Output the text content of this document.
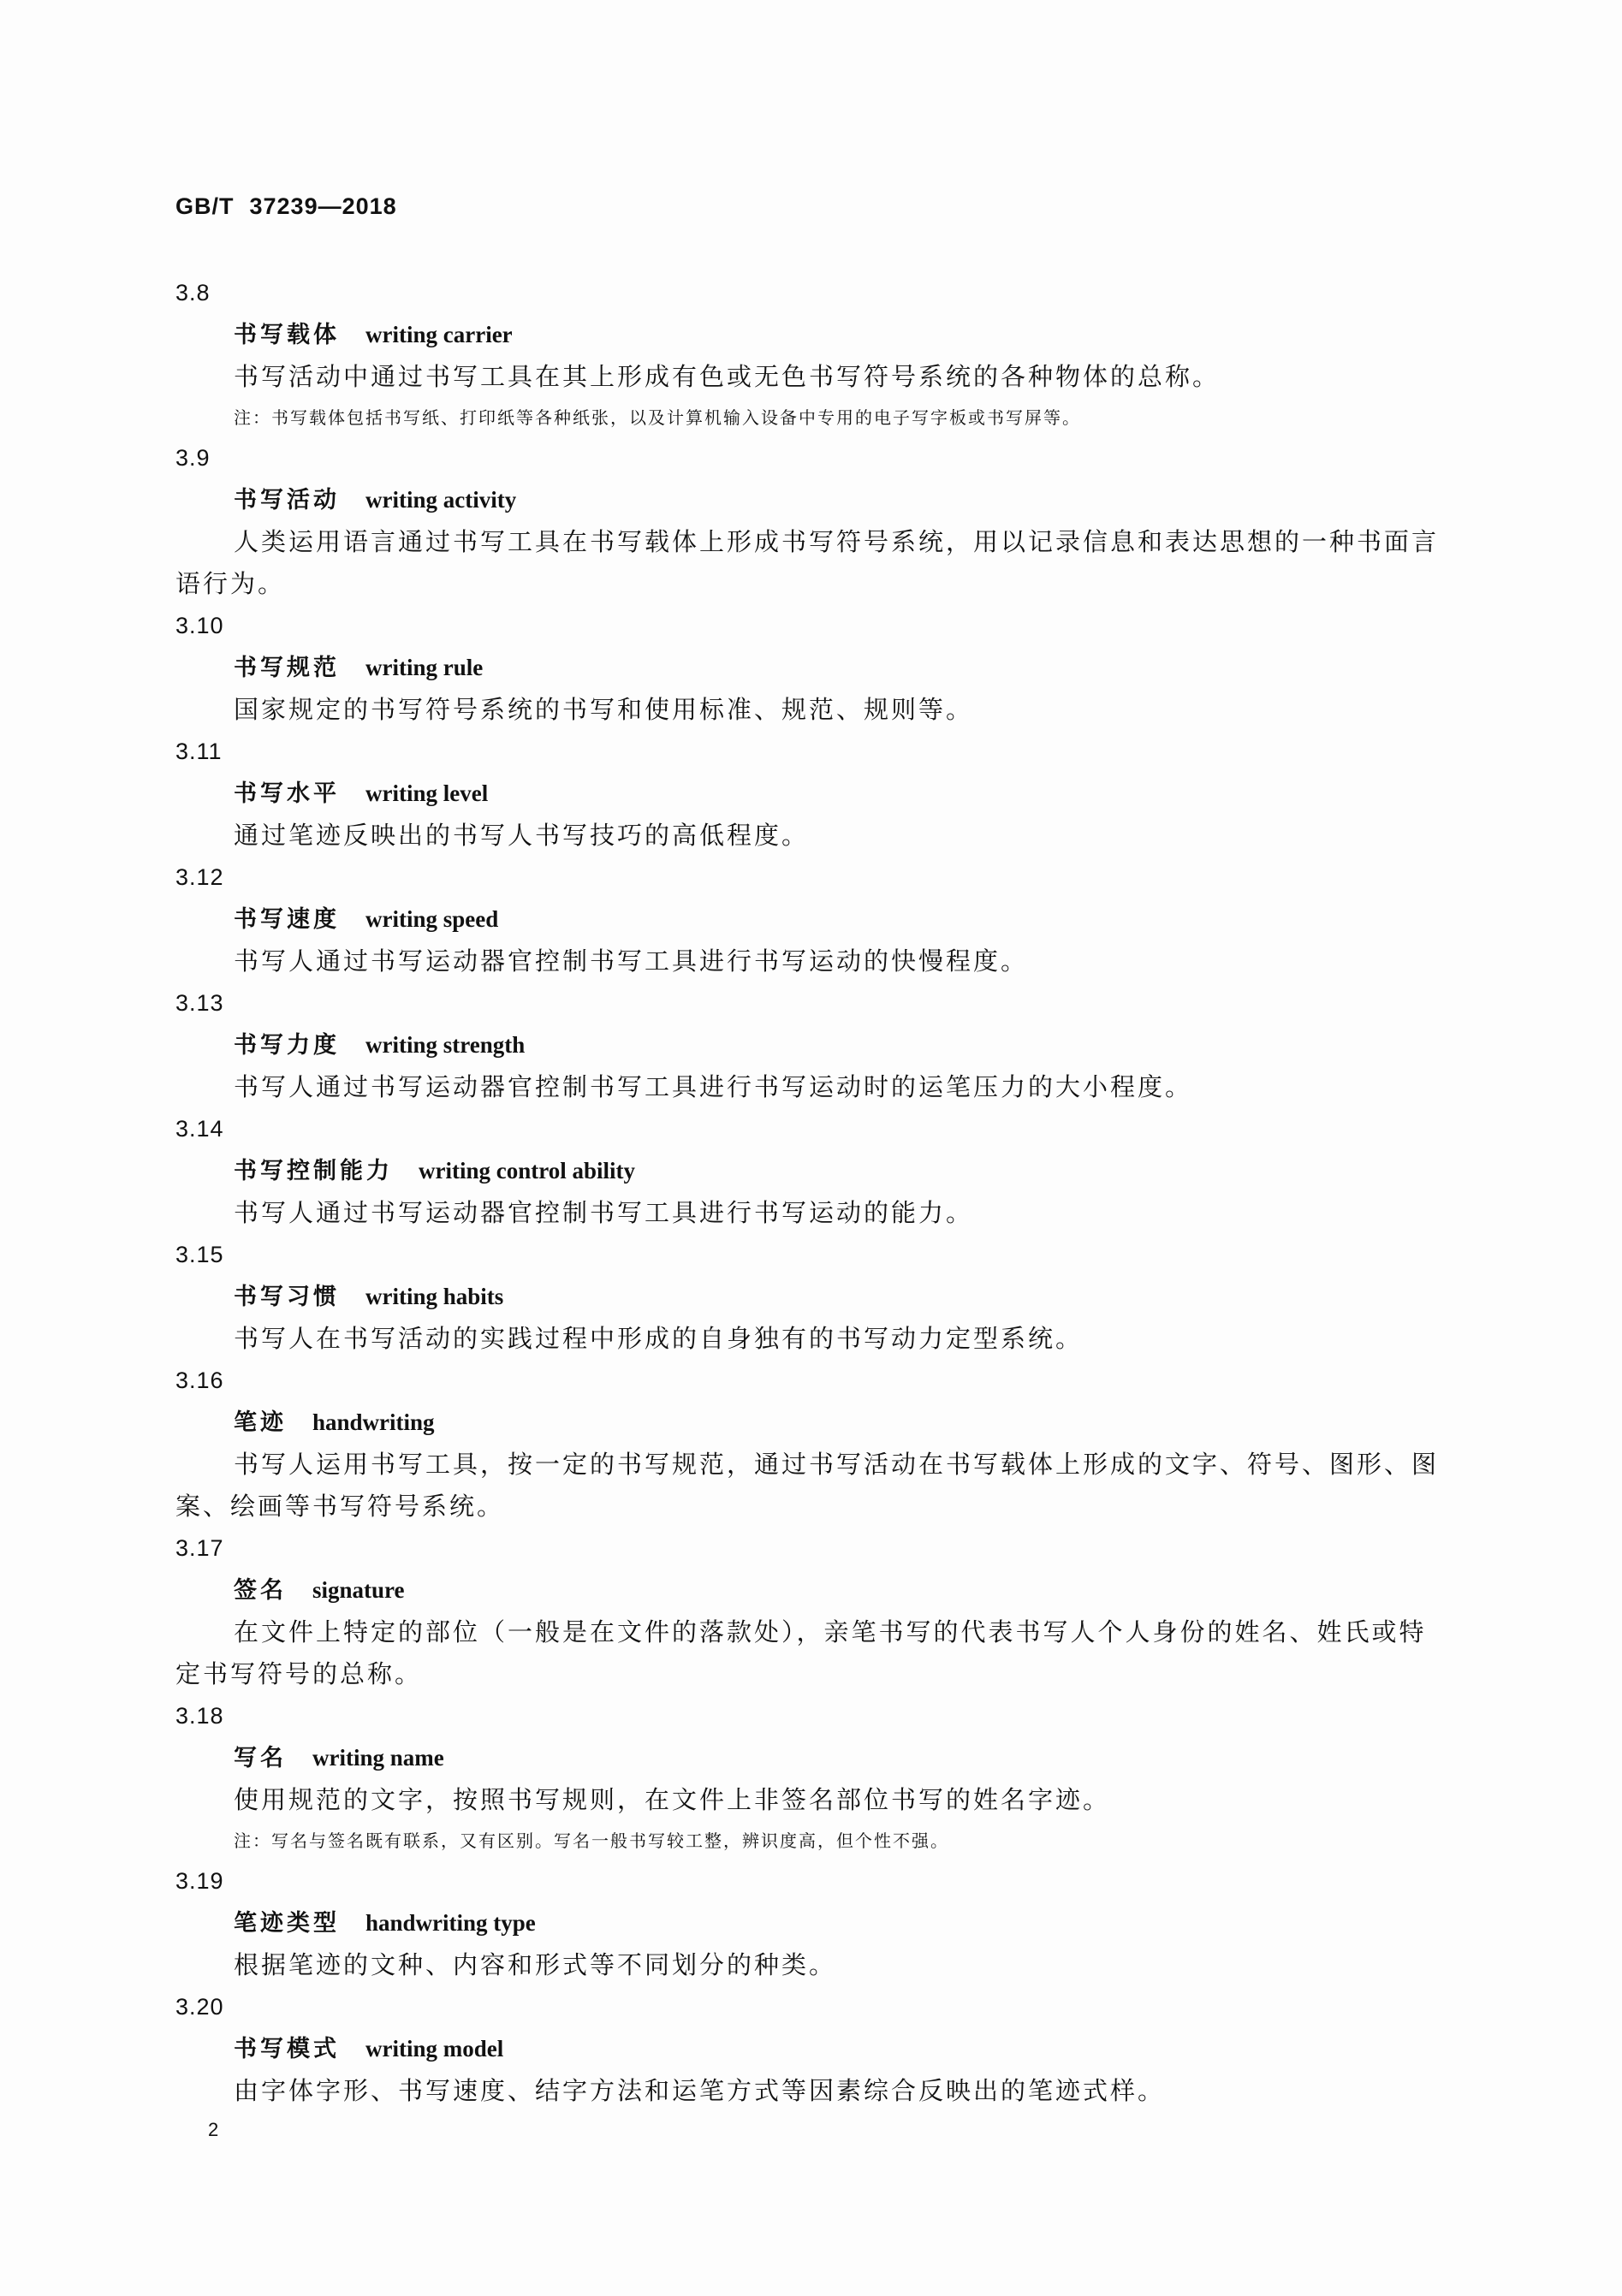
GB/T 37239—2018
3.8
书写载体 writing carrier

书写活动中通过书写工具在其上形成有色或无色书写符号系统的各种物体的总称。

注：书写载体包括书写纸、打印纸等各种纸张，以及计算机输入设备中专用的电子写字板或书写屏等。

3.9
书写活动 writing activity

人类运用语言通过书写工具在书写载体上形成书写符号系统，用以记录信息和表达思想的一种书面言语行为。

3.10
书写规范 writing rule

国家规定的书写符号系统的书写和使用标准、规范、规则等。

3.11
书写水平 writing level

通过笔迹反映出的书写人书写技巧的高低程度。

3.12
书写速度 writing speed

书写人通过书写运动器官控制书写工具进行书写运动的快慢程度。

3.13
书写力度 writing strength

书写人通过书写运动器官控制书写工具进行书写运动时的运笔压力的大小程度。

3.14
书写控制能力 writing control ability

书写人通过书写运动器官控制书写工具进行书写运动的能力。

3.15
书写习惯 writing habits

书写人在书写活动的实践过程中形成的自身独有的书写动力定型系统。

3.16
笔迹 handwriting

书写人运用书写工具，按一定的书写规范，通过书写活动在书写载体上形成的文字、符号、图形、图案、绘画等书写符号系统。

3.17
签名 signature

在文件上特定的部位（一般是在文件的落款处），亲笔书写的代表书写人个人身份的姓名、姓氏或特定书写符号的总称。

3.18
写名 writing name

使用规范的文字，按照书写规则，在文件上非签名部位书写的姓名字迹。

注：写名与签名既有联系，又有区别。写名一般书写较工整，辨识度高，但个性不强。

3.19
笔迹类型 handwriting type

根据笔迹的文种、内容和形式等不同划分的种类。

3.20
书写模式 writing model

由字体字形、书写速度、结字方法和运笔方式等因素综合反映出的笔迹式样。

2
